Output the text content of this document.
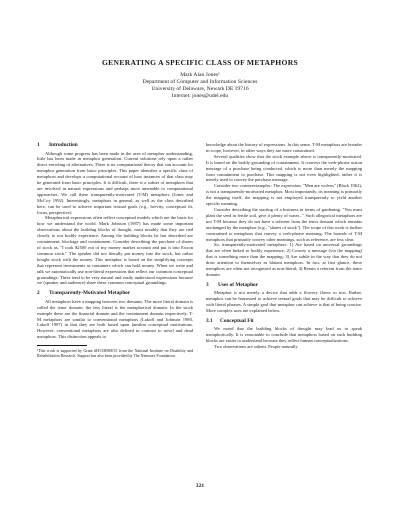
GENERATING A SPECIFIC CLASS OF METAPHORS
Mark Alan Jones¹
Department of Computer and Information Sciences
University of Delaware, Newark DE 19716
Internet: jones@udel.edu
1 Introduction

Although some progress has been made in the area of metaphor understanding, little has been made in metaphor generation. Current solutions rely upon a rather direct encoding of alternatives. There is no computational theory that can account for metaphor generation from basic principles. This paper identifies a specific class of metaphors and develops a computational account of how instances of that class may be generated from basic principles. It is difficult, there is a subset of metaphors that are involved in natural expressions and perhaps more amenable to computational approaches. We call these transparently-motivated (T-M) metaphors (Jones and McCoy 1992). Interestingly, metaphors in general, as well as the class described here, can be used to achieve important textual goals (e.g., brevity, conceptual fit, focus, perspective).

Metaphorical expressions often reflect conceptual models which are the basis for how we understand the world. Mark Johnson (1987) has made some important observations about the building blocks of thought, most notably that they are tied closely to our bodily experience. Among the building blocks he has described are containment, blockage and containment. Consider describing the purchase of shares of stock as, "I took $2500 out of my money market account and put it into Exxon common stock." The speaker did not literally put money into the stock, but rather bought stock with the money. This metaphor is based on the simplifying concepts that represent investments as containers which can hold money. When we write and talk we automatically use non-literal expressions that reflect our common conceptual groundings. These tend to be very natural and easily understood expressions because we (speaker and audience) share these common conceptual groundings.

2 Transparently-Motivated Metaphor

All metaphors have a mapping between two domains. The more literal domain is called the tenor domain, the less literal is the metaphorical domain. In the stock example these are the financial domain and the containment domain respectively. T-M metaphors are similar to conventional metaphors (Lakoff and Johnson 1980, Lakoff 1987) in that they are both based upon familiar conceptual motivations. However, conventional metaphors are also defined in contrast to novel and dead metaphors. This distinction appeals to

¹This work is supported by Grant #H133E80015 from the National Institute on Disability and Rehabilitation Research. Support has also been provided by The Nemours Foundation.

knowledge about the history of expressions. In this sense, T-M metaphors are broader in scope, however, in other ways they are more constrained.

Several qualities show that the stock example above is transparently-motivated. It is based on the bodily grounding of containment. It conveys the verb-phrase action message of a purchase being conducted, which is more than merely the mapping from containment to purchase. This mapping is not even highlighted, rather it is merely used to convey the purchase message.

Consider two counterexamples: The expression, "Men are wolves" (Black 1962), is not a transparently-motivated metaphor. Most importantly, its meaning is primarily the mapping itself; the mapping is not employed transparently to yield another specific meaning.

Consider describing the starting of a business in terms of gardening. "You must plant the seed in fertile soil, give it plenty of water..." Such allegorical metaphors are not T-M because they do not have a referent from the tenor domain which remains unchanged by the metaphor (e.g., "shares of stock"). The scope of this work is further constrained to metaphors that convey a verb-phrase meaning. The bounds of T-M metaphors that primarily convey other meanings, such as reference, are less clear.

So, transparently-motivated metaphors: 1) Are based on universal groundings that are often linked to bodily experience; 2) Convey a message (via the mapping) that is something more than the mapping; 3) Are subtle in the way that they do not draw attention to themselves as blatant metaphors. In fact, at first glance, these metaphors are often not recognized as non-literal; 4) Retain a referent from the tenor domain.

3 Uses of Metaphor

Metaphor is not merely a device that adds a flowery flavor to text. Rather, metaphor can be harnessed to achieve textual goals that may be difficult to achieve with literal phrases. A simple goal that metaphor can achieve is that of being concise. More complex uses are explained below.

3.1 Conceptual Fit

We noted that the building blocks of thought may lead us to speak metaphorically. It is reasonable to conclude that metaphors based on such building blocks are easier to understand because they reflect human conceptualizations.

Two observations are salient. People naturally

321
